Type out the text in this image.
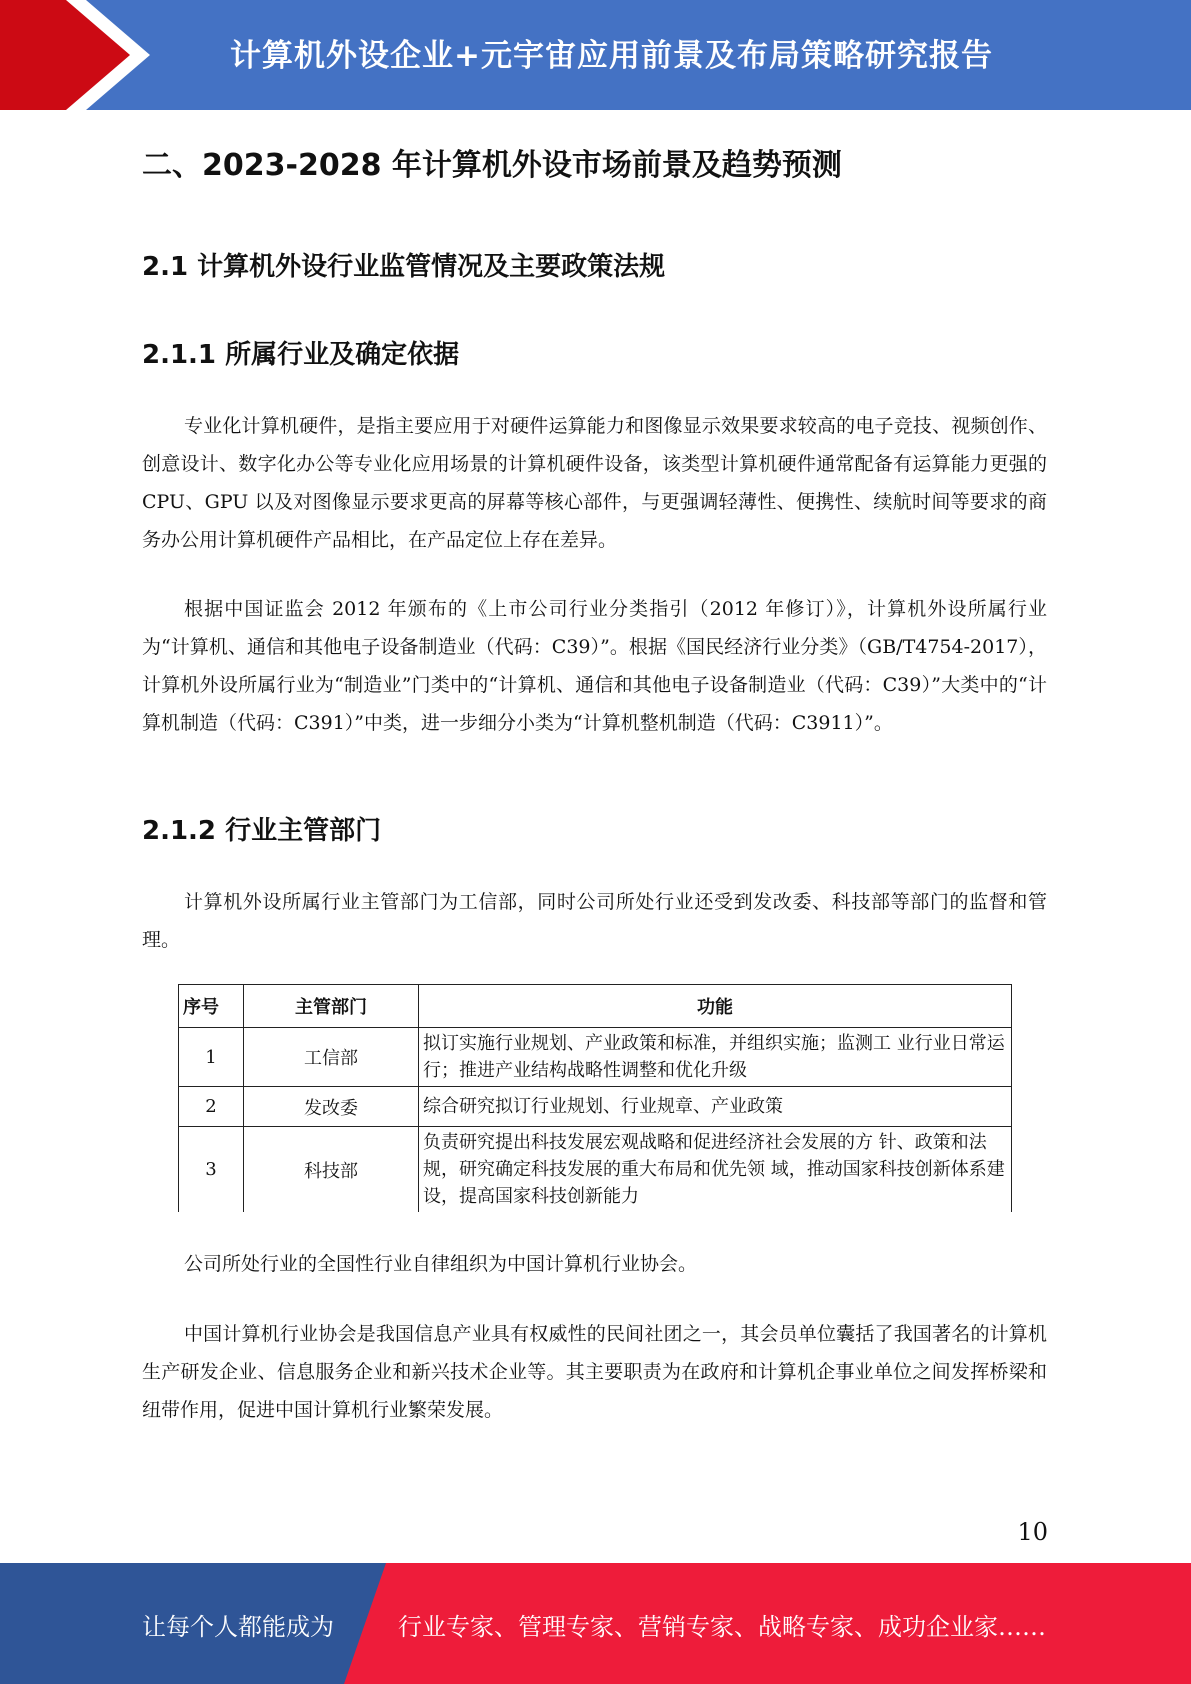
计算机外设企业+元宇宙应用前景及布局策略研究报告
二、2023-2028 年计算机外设市场前景及趋势预测
2.1 计算机外设行业监管情况及主要政策法规
2.1.1 所属行业及确定依据

专业化计算机硬件，是指主要应用于对硬件运算能力和图像显示效果要求较高的电子竞技、视频创作、创意设计、数字化办公等专业化应用场景的计算机硬件设备，该类型计算机硬件通常配备有运算能力更强的 CPU、GPU 以及对图像显示要求更高的屏幕等核心部件，与更强调轻薄性、便携性、续航时间等要求的商务办公用计算机硬件产品相比，在产品定位上存在差异。

根据中国证监会 2012 年颁布的《上市公司行业分类指引（2012 年修订）》，计算机外设所属行业为“计算机、通信和其他电子设备制造业（代码：C39）”。根据《国民经济行业分类》（GB/T4754-2017），计算机外设所属行业为“制造业”门类中的“计算机、通信和其他电子设备制造业（代码：C39）”大类中的“计算机制造（代码：C391）”中类，进一步细分小类为“计算机整机制造（代码：C3911）”。

2.1.2 行业主管部门

计算机外设所属行业主管部门为工信部，同时公司所处行业还受到发改委、科技部等部门的监督和管理。

序号	主管部门	功能
1	工信部	拟订实施行业规划、产业政策和标准，并组织实施；监测工 业行业日常运行；推进产业结构战略性调整和优化升级
2	发改委	综合研究拟订行业规划、行业规章、产业政策
3	科技部	负责研究提出科技发展宏观战略和促进经济社会发展的方 针、政策和法规，研究确定科技发展的重大布局和优先领 域，推动国家科技创新体系建设，提高国家科技创新能力

公司所处行业的全国性行业自律组织为中国计算机行业协会。

中国计算机行业协会是我国信息产业具有权威性的民间社团之一，其会员单位囊括了我国著名的计算机生产研发企业、信息服务企业和新兴技术企业等。其主要职责为在政府和计算机企事业单位之间发挥桥梁和纽带作用，促进中国计算机行业繁荣发展。

10
让每个人都能成为	行业专家、管理专家、营销专家、战略专家、成功企业家……
